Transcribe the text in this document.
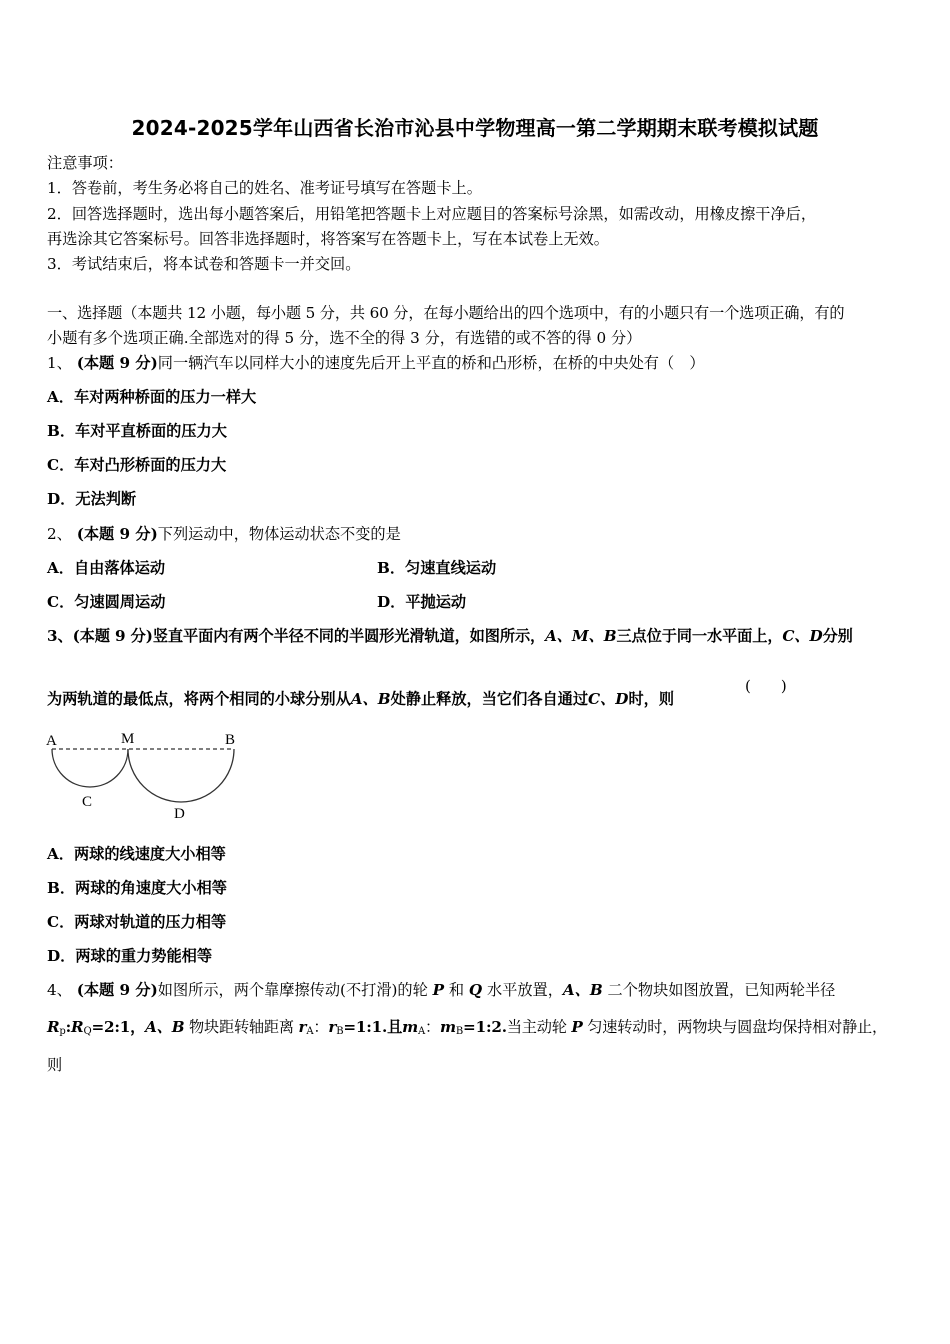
2024-2025学年山西省长治市沁县中学物理高一第二学期期末联考模拟试题
注意事项：
1．答卷前，考生务必将自己的姓名、准考证号填写在答题卡上。
2．回答选择题时，选出每小题答案后，用铅笔把答题卡上对应题目的答案标号涂黑，如需改动，用橡皮擦干净后，
再选涂其它答案标号。回答非选择题时，将答案写在答题卡上，写在本试卷上无效。
3．考试结束后，将本试卷和答题卡一并交回。
一、选择题（本题共 12 小题，每小题 5 分，共 60 分，在每小题给出的四个选项中，有的小题只有一个选项正确，有的
小题有多个选项正确.全部选对的得 5 分，选不全的得 3 分，有选错的或不答的得 0 分）
1、 (本题 9 分)同一辆汽车以同样大小的速度先后开上平直的桥和凸形桥，在桥的中央处有（　）
A．车对两种桥面的压力一样大
B．车对平直桥面的压力大
C．车对凸形桥面的压力大
D．无法判断
2、 (本题 9 分)下列运动中，物体运动状态不变的是
A．自由落体运动	B．匀速直线运动
C．匀速圆周运动	D．平抛运动
3、(本题 9 分)竖直平面内有两个半径不同的半圆形光滑轨道，如图所示，A、M、B三点位于同一水平面上，C、D分别
为两轨道的最低点，将两个相同的小球分别从A、B处静止释放，当它们各自通过C、D时，则
(　　)
A	M	B
C
D
A．两球的线速度大小相等
B．两球的角速度大小相等
C．两球对轨道的压力相等
D．两球的重力势能相等
4、 (本题 9 分)如图所示，两个靠摩擦传动(不打滑)的轮 P 和 Q 水平放置，A、B 二个物块如图放置，已知两轮半径
$R_p:R_Q=2:1$，A、B 物块距转轴距离 $r_A$：$r_B=1:1$.且$m_A$：$m_B=1:2$.当主动轮 P 匀速转动时，两物块与圆盘均保持相对静止，
则
